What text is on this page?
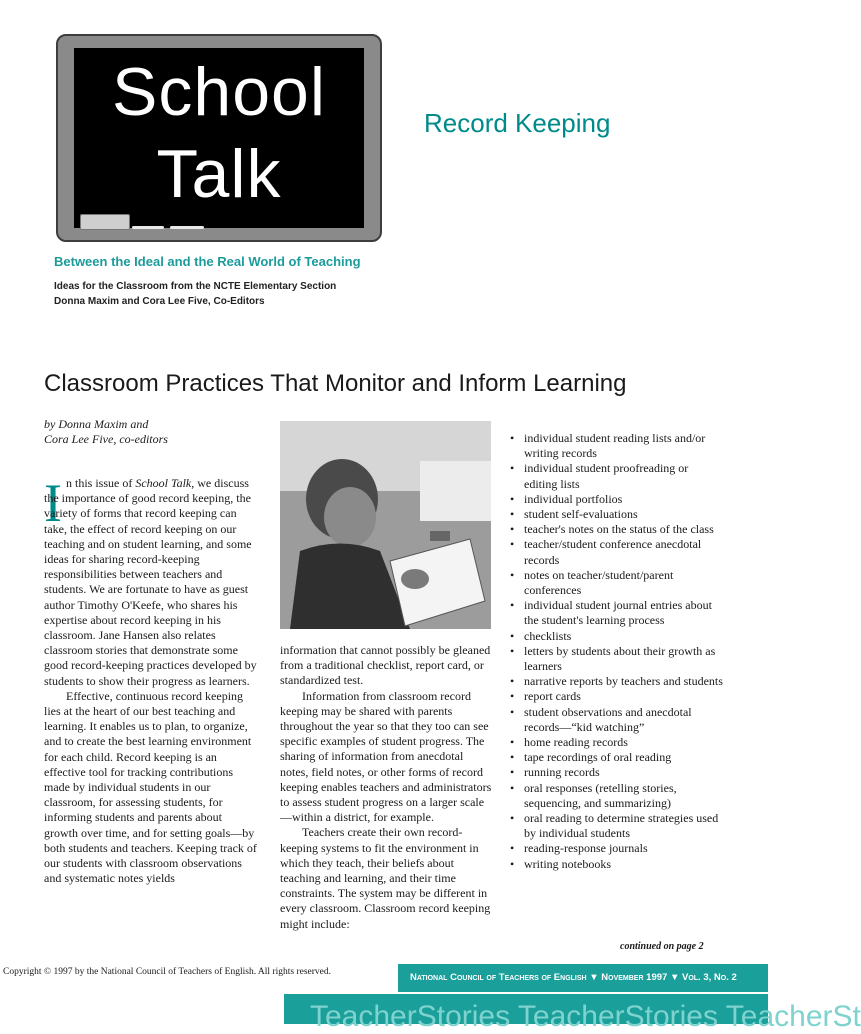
School
Talk
Record Keeping
Between the Ideal and the Real World of Teaching
Ideas for the Classroom from the NCTE Elementary Section
Donna Maxim and Cora Lee Five, Co-Editors
Classroom Practices That Monitor and Inform Learning
by Donna Maxim and
Cora Lee Five, co-editors
I n this issue of School Talk, we discuss the importance of good record keeping, the variety of forms that record keeping can take, the effect of record keeping on our teaching and on student learning, and some ideas for sharing record-keeping responsibilities between teachers and students. We are fortunate to have as guest author Timothy O'Keefe, who shares his expertise about record keeping in his classroom. Jane Hansen also relates classroom stories that demonstrate some good record-keeping practices developed by students to show their progress as learners.

Effective, continuous record keeping lies at the heart of our best teaching and learning. It enables us to plan, to organize, and to create the best learning environment for each child. Record keeping is an effective tool for tracking contributions made by individual students in our classroom, for assessing students, for informing students and parents about growth over time, and for setting goals—by both students and teachers. Keeping track of our students with classroom observations and systematic notes yields

information that cannot possibly be gleaned from a traditional checklist, report card, or standardized test.

Information from classroom record keeping may be shared with parents throughout the year so that they too can see specific examples of student progress. The sharing of information from anecdotal notes, field notes, or other forms of record keeping enables teachers and administrators to assess student progress on a larger scale—within a district, for example.

Teachers create their own record-keeping systems to fit the environment in which they teach, their beliefs about teaching and learning, and their time constraints. The system may be different in every classroom. Classroom record keeping might include:

• individual student reading lists and/or writing records
• individual student proofreading or editing lists
• individual portfolios
• student self-evaluations
• teacher's notes on the status of the class
• teacher/student conference anecdotal records
• notes on teacher/student/parent conferences
• individual student journal entries about the student's learning process
• checklists
• letters by students about their growth as learners
• narrative reports by teachers and students
• report cards
• student observations and anecdotal records—“kid watching”
• home reading records
• tape recordings of oral reading
• running records
• oral responses (retelling stories, sequencing, and summarizing)
• oral reading to determine strategies used by individual students
• reading-response journals
• writing notebooks
continued on page 2
Copyright © 1997 by the National Council of Teachers of English. All rights reserved.	National Council of Teachers of English ▼ November 1997 ▼ Vol. 3, No. 2
TeacherStories TeacherStories TeacherSt
